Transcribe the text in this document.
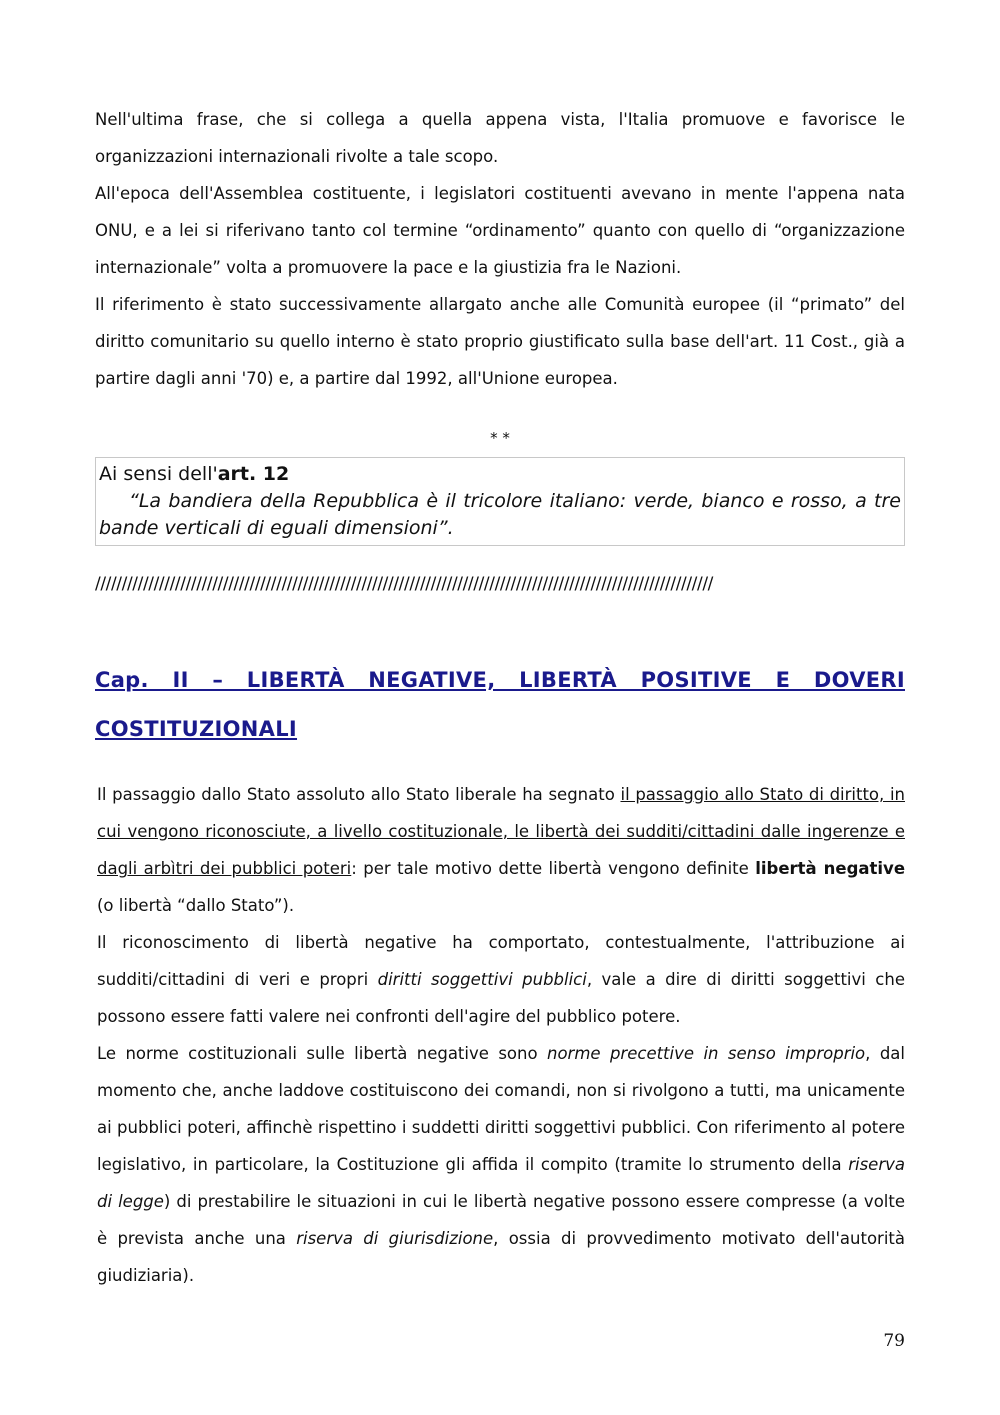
Nell'ultima frase, che si collega a quella appena vista, l'Italia promuove e favorisce le organizzazioni internazionali rivolte a tale scopo.

All'epoca dell'Assemblea costituente, i legislatori costituenti avevano in mente l'appena nata ONU, e a lei si riferivano tanto col termine “ordinamento” quanto con quello di “organizzazione internazionale” volta a promuovere la pace e la giustizia fra le Nazioni.

Il riferimento è stato successivamente allargato anche alle Comunità europee (il “primato” del diritto comunitario su quello interno è stato proprio giustificato sulla base dell'art. 11 Cost., già a partire dagli anni '70) e, a partire dal 1992, all'Unione europea.

* *
Ai sensi dell'art. 12
“La bandiera della Repubblica è il tricolore italiano: verde, bianco e rosso, a tre bande verticali di eguali dimensioni”.
////////////////////////////////////////////////////////////////////////////////////////////////////////////////////
Cap. II – LIBERTÀ NEGATIVE, LIBERTÀ POSITIVE E DOVERI COSTITUZIONALI

Il passaggio dallo Stato assoluto allo Stato liberale ha segnato il passaggio allo Stato di diritto, in cui vengono riconosciute, a livello costituzionale, le libertà dei sudditi/cittadini dalle ingerenze e dagli arbìtri dei pubblici poteri: per tale motivo dette libertà vengono definite libertà negative (o libertà “dallo Stato”).

Il riconoscimento di libertà negative ha comportato, contestualmente, l'attribuzione ai sudditi/cittadini di veri e propri diritti soggettivi pubblici, vale a dire di diritti soggettivi che possono essere fatti valere nei confronti dell'agire del pubblico potere.

Le norme costituzionali sulle libertà negative sono norme precettive in senso improprio, dal momento che, anche laddove costituiscono dei comandi, non si rivolgono a tutti, ma unicamente ai pubblici poteri, affinchè rispettino i suddetti diritti soggettivi pubblici. Con riferimento al potere legislativo, in particolare, la Costituzione gli affida il compito (tramite lo strumento della riserva di legge) di prestabilire le situazioni in cui le libertà negative possono essere compresse (a volte è prevista anche una riserva di giurisdizione, ossia di provvedimento motivato dell'autorità giudiziaria).

79
